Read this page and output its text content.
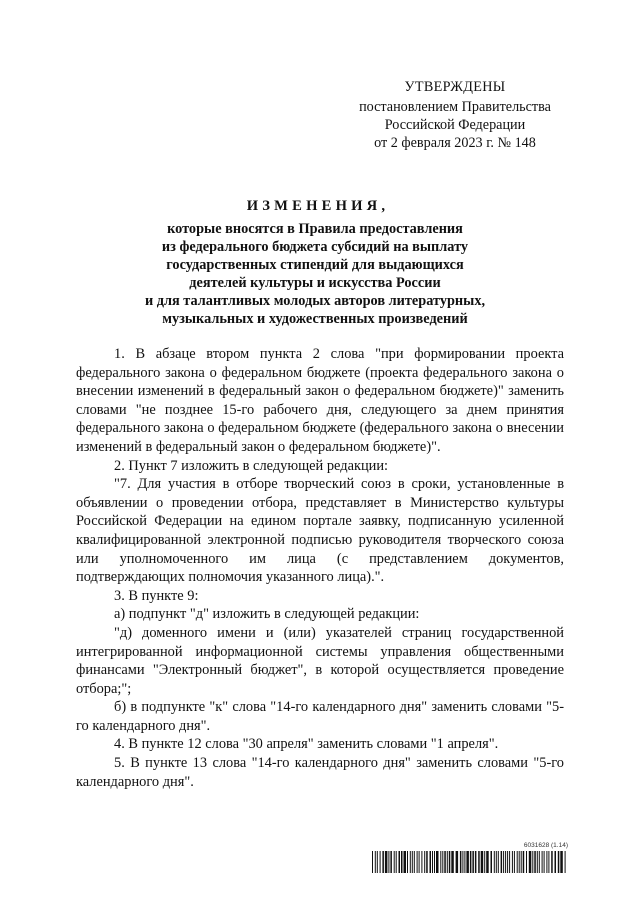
УТВЕРЖДЕНЫ
постановлением Правительства
Российской Федерации
от 2 февраля 2023 г. № 148
ИЗМЕНЕНИЯ,
которые вносятся в Правила предоставления
из федерального бюджета субсидий на выплату
государственных стипендий для выдающихся
деятелей культуры и искусства России
и для талантливых молодых авторов литературных,
музыкальных и художественных произведений

1. В абзаце втором пункта 2 слова "при формировании проекта федерального закона о федеральном бюджете (проекта федерального закона о внесении изменений в федеральный закон о федеральном бюджете)" заменить словами "не позднее 15-го рабочего дня, следующего за днем принятия федерального закона о федеральном бюджете (федерального закона о внесении изменений в федеральный закон о федеральном бюджете)".

2. Пункт 7 изложить в следующей редакции:

"7. Для участия в отборе творческий союз в сроки, установленные в объявлении о проведении отбора, представляет в Министерство культуры Российской Федерации на едином портале заявку, подписанную усиленной квалифицированной электронной подписью руководителя творческого союза или уполномоченного им лица (с представлением документов, подтверждающих полномочия указанного лица).".

3. В пункте 9:

а) подпункт "д" изложить в следующей редакции:

"д) доменного имени и (или) указателей страниц государственной интегрированной информационной системы управления общественными финансами "Электронный бюджет", в которой осуществляется проведение отбора;";

б) в подпункте "к" слова "14-го календарного дня" заменить словами "5-го календарного дня".

4. В пункте 12 слова "30 апреля" заменить словами "1 апреля".

5. В пункте 13 слова "14-го календарного дня" заменить словами "5-го календарного дня".

6031628 (1.14)
